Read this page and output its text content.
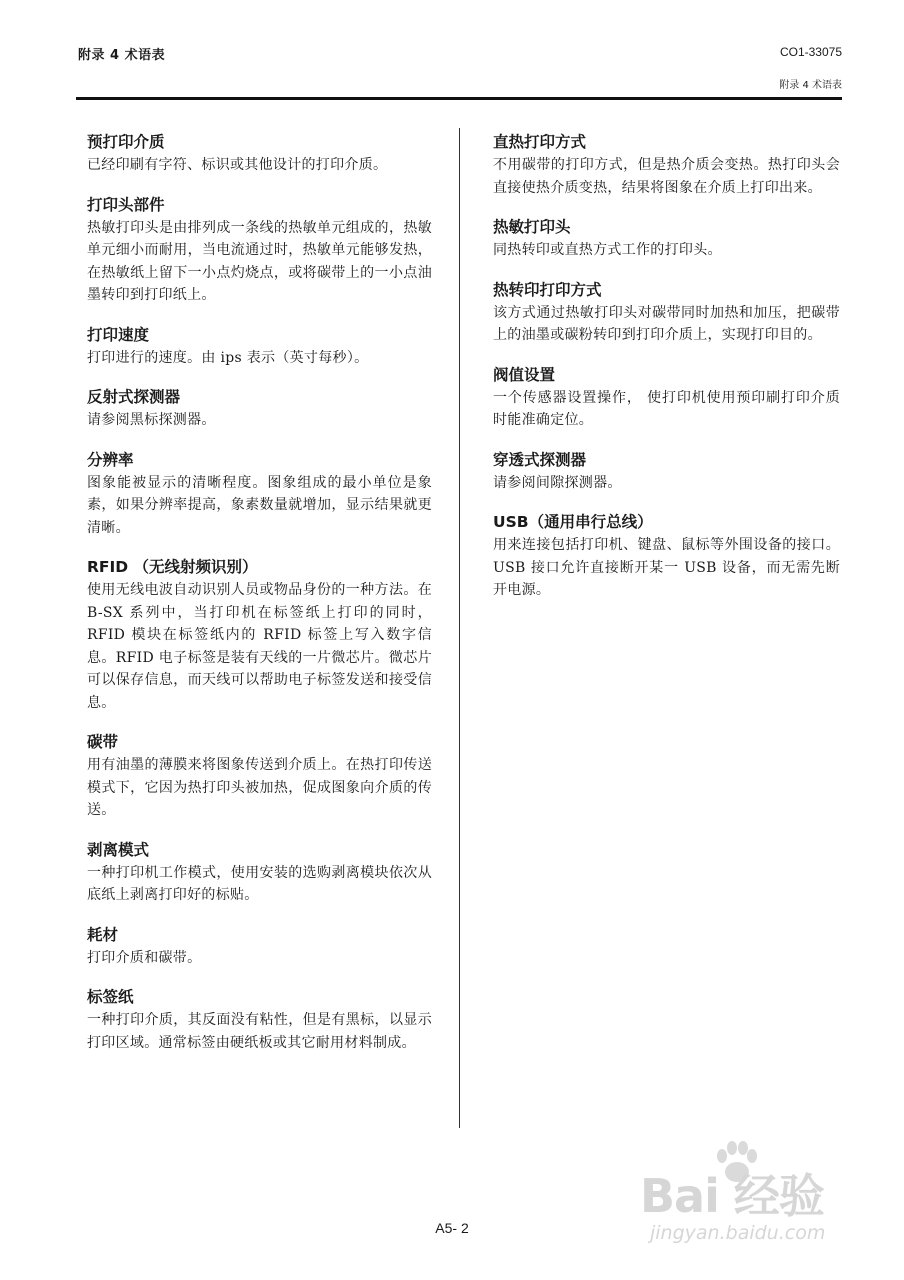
附录 4 术语表	CO1-33075
附录 4 术语表
预打印介质
已经印刷有字符、标识或其他设计的打印介质。
打印头部件
热敏打印头是由排列成一条线的热敏单元组成的，热敏单元细小而耐用，当电流通过时，热敏单元能够发热，在热敏纸上留下一小点灼烧点，或将碳带上的一小点油墨转印到打印纸上。
打印速度
打印进行的速度。由 ips 表示（英寸每秒）。
反射式探测器
请参阅黑标探测器。
分辨率
图象能被显示的清晰程度。图象组成的最小单位是象素，如果分辨率提高，象素数量就增加，显示结果就更清晰。
RFID （无线射频识别）
使用无线电波自动识别人员或物品身份的一种方法。在 B-SX 系列中，当打印机在标签纸上打印的同时，RFID 模块在标签纸内的 RFID 标签上写入数字信息。RFID 电子标签是装有天线的一片微芯片。微芯片可以保存信息，而天线可以帮助电子标签发送和接受信息。
碳带
用有油墨的薄膜来将图象传送到介质上。在热打印传送模式下，它因为热打印头被加热，促成图象向介质的传送。
剥离模式
一种打印机工作模式，使用安装的选购剥离模块依次从底纸上剥离打印好的标贴。
耗材
打印介质和碳带。
标签纸
一种打印介质，其反面没有粘性，但是有黑标，以显示打印区域。通常标签由硬纸板或其它耐用材料制成。
直热打印方式
不用碳带的打印方式，但是热介质会变热。热打印头会直接使热介质变热，结果将图象在介质上打印出来。
热敏打印头
同热转印或直热方式工作的打印头。
热转印打印方式
该方式通过热敏打印头对碳带同时加热和加压，把碳带上的油墨或碳粉转印到打印介质上，实现打印目的。
阀值设置
一个传感器设置操作， 使打印机使用预印刷打印介质时能准确定位。
穿透式探测器
请参阅间隙探测器。
USB（通用串行总线）
用来连接包括打印机、键盘、鼠标等外围设备的接口。USB 接口允许直接断开某一 USB 设备，而无需先断开电源。
A5- 2
Bai 经验
jingyan.baidu.com
